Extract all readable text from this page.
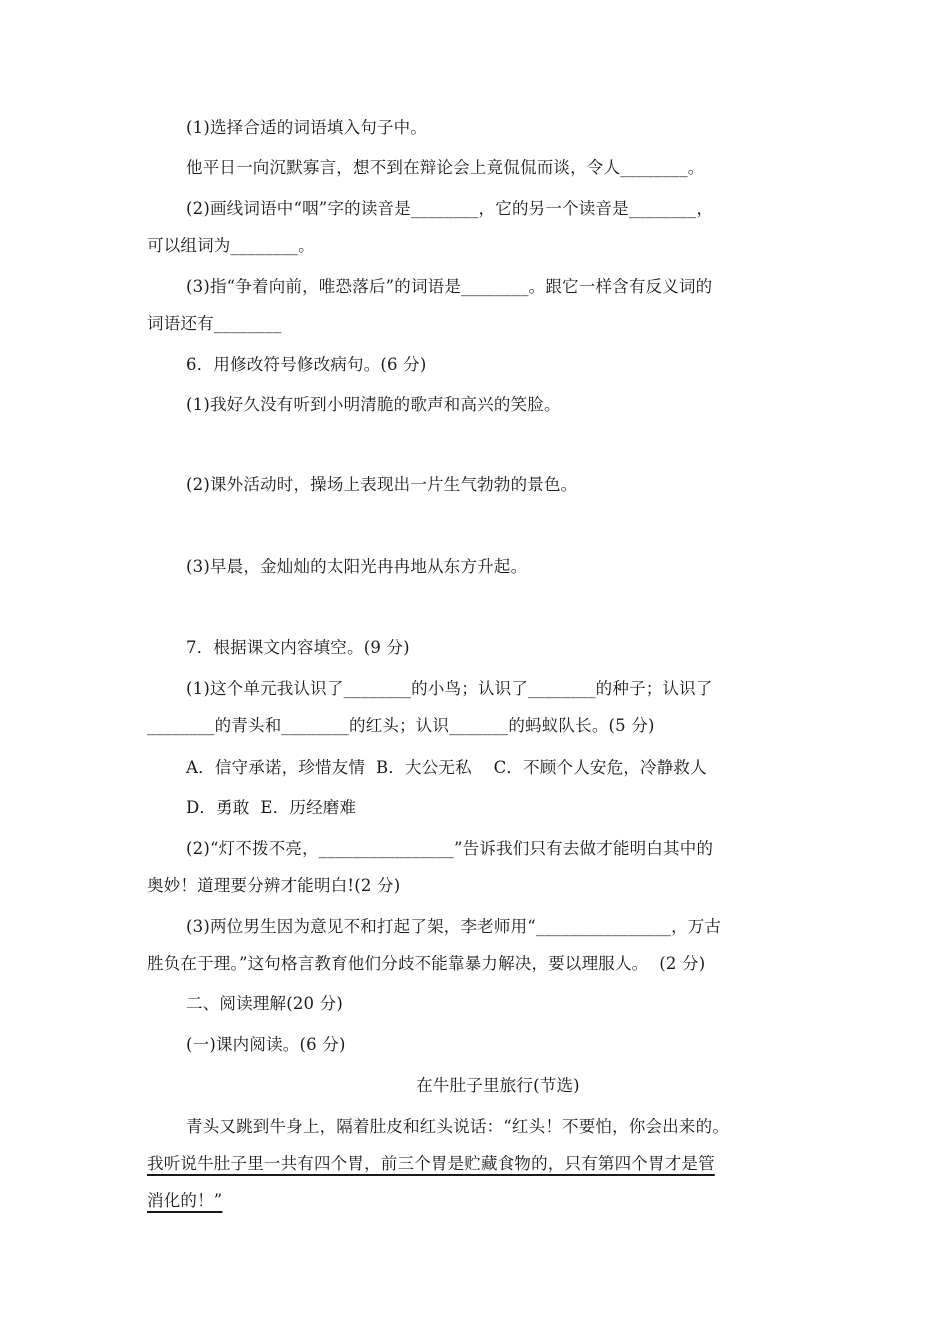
(1)选择合适的词语填入句子中。
他平日一向沉默寡言，想不到在辩论会上竟侃侃而谈，令人________。
(2)画线词语中“咽”字的读音是________，它的另一个读音是________，
可以组词为________。
(3)指“争着向前，唯恐落后”的词语是________。跟它一样含有反义词的
词语还有________
6．用修改符号修改病句。(6 分)
(1)我好久没有听到小明清脆的歌声和高兴的笑脸。
(2)课外活动时，操场上表现出一片生气勃勃的景色。
(3)早晨，金灿灿的太阳光冉冉地从东方升起。
7．根据课文内容填空。(9 分)
(1)这个单元我认识了________的小鸟；认识了________的种子；认识了
________的青头和________的红头；认识_______的蚂蚁队长。(5 分)
A．信守承诺，珍惜友情  B．大公无私    C．不顾个人安危，冷静救人
D．勇敢  E．历经磨难
(2)“灯不拨不亮，________________”告诉我们只有去做才能明白其中的
奥妙！道理要分辨才能明白!(2 分)
(3)两位男生因为意见不和打起了架，李老师用“________________，万古
胜负在于理。”这句格言教育他们分歧不能靠暴力解决，要以理服人。  (2 分)
二、阅读理解(20 分)
(一)课内阅读。(6 分)
在牛肚子里旅行(节选)
青头又跳到牛身上，隔着肚皮和红头说话：“红头！不要怕，你会出来的。
我听说牛肚子里一共有四个胃，前三个胃是贮藏食物的，只有第四个胃才是管
消化的！”
